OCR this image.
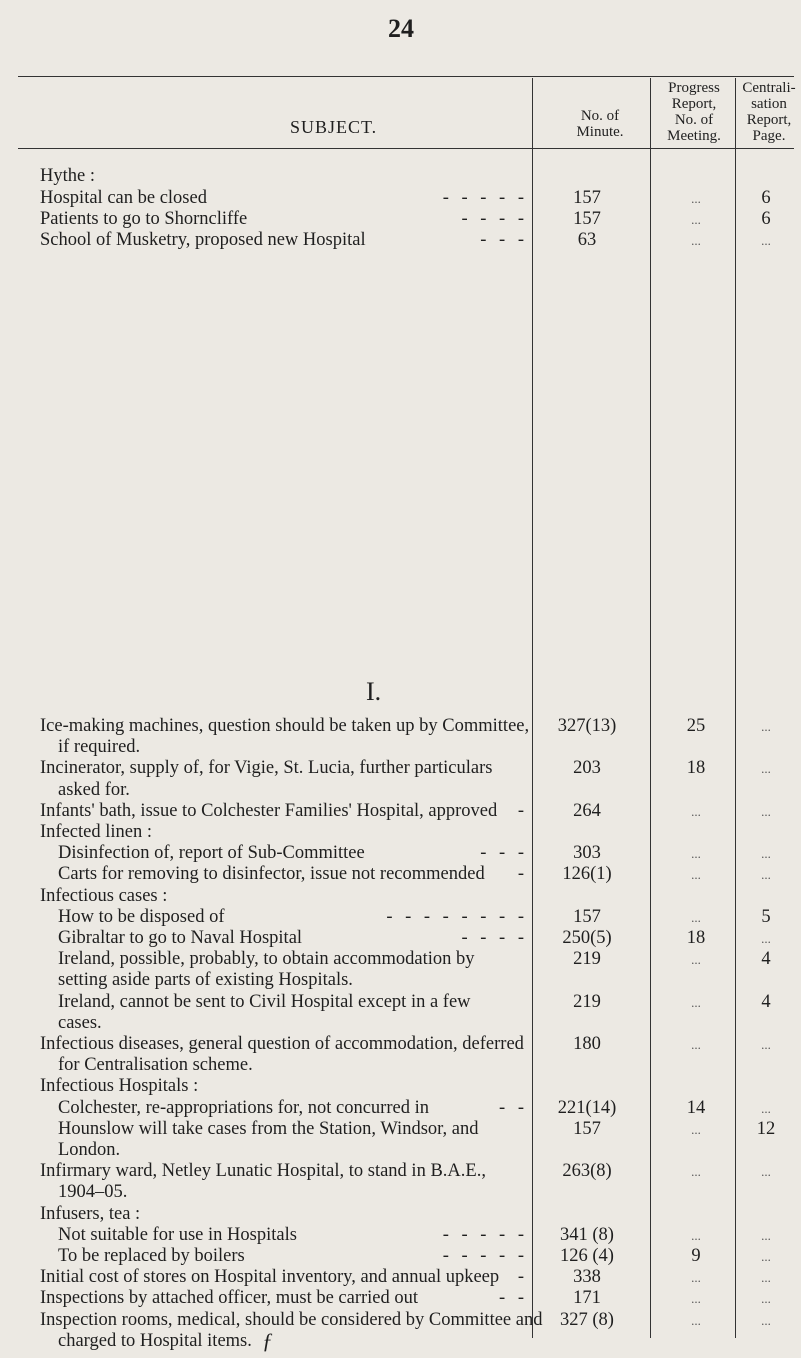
24
SUBJECT.
No. of
Minute.
Progress
Report,
No. of
Meeting.
Centrali-
sation
Report,
Page.
Hythe :
Hospital can be closed	- - - - -	157	...	6
Patients to go to Shorncliffe	- - - -	157	...	6
School of Musketry, proposed new Hospital	- - -	63	...	...
I.
Ice-making machines, question should be taken up by Committee,	327(13)	25	...
if required.
Incinerator, supply of, for Vigie, St. Lucia, further particulars	203	18	...
asked for.
Infants' bath, issue to Colchester Families' Hospital, approved -	264	...	...
Infected linen :
Disinfection of, report of Sub-Committee	- - -	303	...	...
Carts for removing to disinfector, issue not recommended -	126(1)	...	...
Infectious cases :
How to be disposed of	- - - - - - - -	157	...	5
Gibraltar to go to Naval Hospital	- - - -	250(5)	18	...
Ireland, possible, probably, to obtain accommodation by	219	...	4
setting aside parts of existing Hospitals.
Ireland, cannot be sent to Civil Hospital except in a few	219	...	4
cases.
Infectious diseases, general question of accommodation, deferred	180	...	...
for Centralisation scheme.
Infectious Hospitals :
Colchester, re-appropriations for, not concurred in	- -	221(14)	14	...
Hounslow will take cases from the Station, Windsor, and	157	...	12
London.
Infirmary ward, Netley Lunatic Hospital, to stand in B.A.E.,	263(8)	...	...
1904–05.
Infusers, tea :
Not suitable for use in Hospitals	- - - - -	341 (8)	...	...
To be replaced by boilers	- - - - -	126 (4)	9	...
Initial cost of stores on Hospital inventory, and annual upkeep -	338	...	...
Inspections by attached officer, must be carried out	- -	171	...	...
Inspection rooms, medical, should be considered by Committee and 327 (8)	...	...
charged to Hospital items. ƒ
